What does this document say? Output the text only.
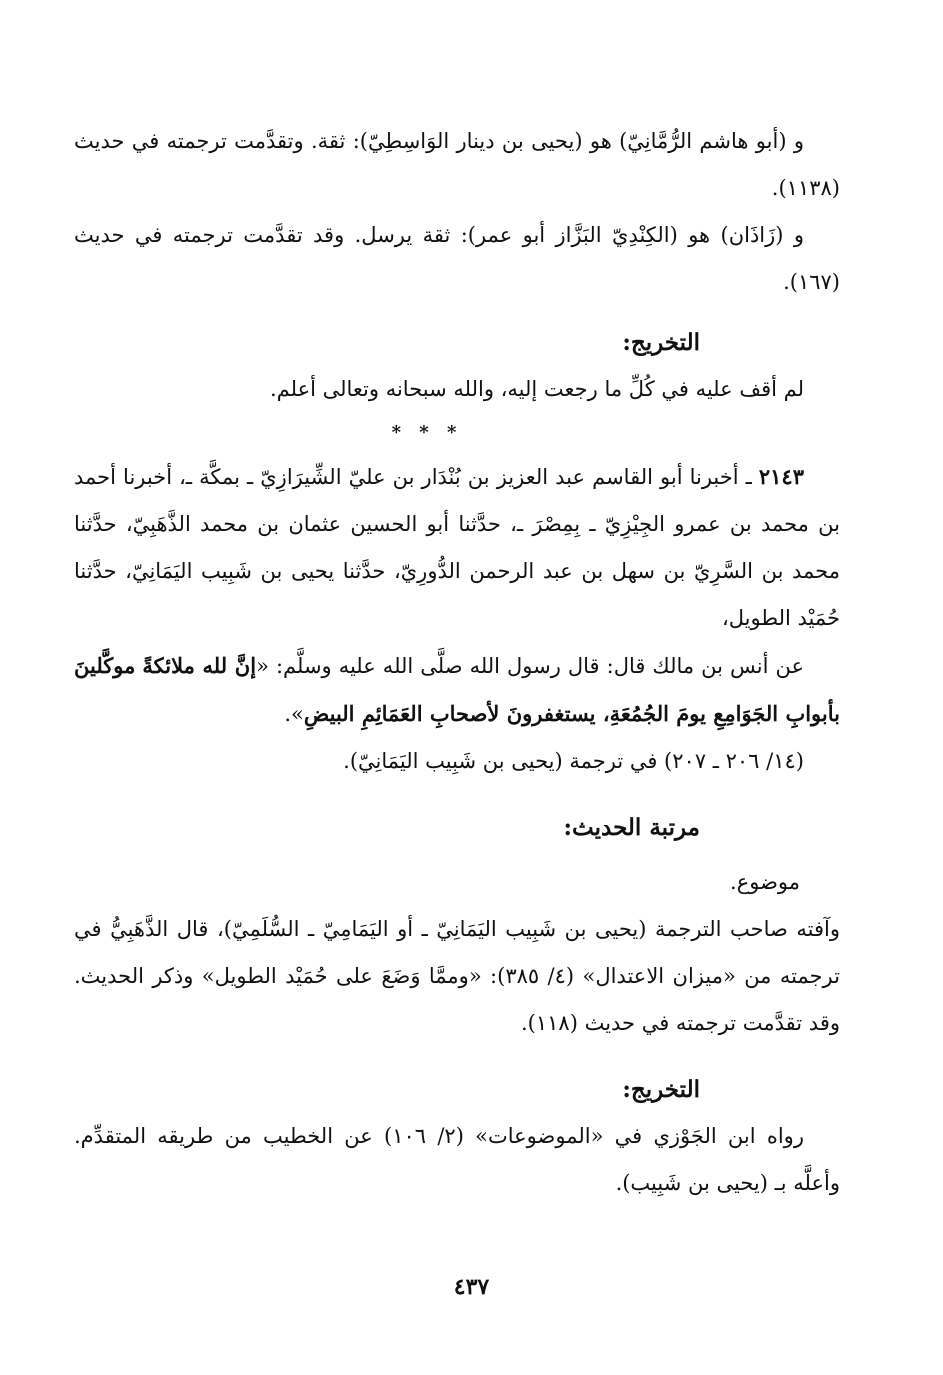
و (أبو هاشم الرُّمَّانِيّ) هو (يحيى بن دينار الوَاسِطِيّ): ثقة. وتقدَّمت ترجمته في حديث (١١٣٨).

و (زَاذَان) هو (الكِنْدِيّ البَزَّاز أبو عمر): ثقة يرسل. وقد تقدَّمت ترجمته في حديث (١٦٧).

التخريج:

لم أقف عليه في كُلِّ ما رجعت إليه، والله سبحانه وتعالى أعلم.

* * *

٢١٤٣ ـ أخبرنا أبو القاسم عبد العزيز بن بُنْدَار بن عليّ الشِّيرَازِيّ ـ بمكَّة ـ، أخبرنا أحمد بن محمد بن عمرو الجِيْزِيّ ـ بِمِصْرَ ـ، حدَّثنا أبو الحسين عثمان بن محمد الذَّهَبِيّ، حدَّثنا محمد بن السَّرِيّ بن سهل بن عبد الرحمن الدُّورِيّ، حدَّثنا يحيى بن شَبِيب اليَمَانِيّ، حدَّثنا حُمَيْد الطويل،

عن أنس بن مالك قال: قال رسول الله صلَّى الله عليه وسلَّم: «إنَّ لله ملائكةً موكَّلينَ بأبوابِ الجَوَامِعِ يومَ الجُمُعَةِ، يستغفرونَ لأصحابِ العَمَائِمِ البيضِ».

(١٤/ ٢٠٦ ـ ٢٠٧) في ترجمة (يحيى بن شَبِيب اليَمَانِيّ).

مرتبة الحديث:

موضوع.

وآفته صاحب الترجمة (يحيى بن شَبِيب اليَمَانِيّ ـ أو اليَمَامِيّ ـ السُّلَمِيّ)، قال الذَّهَبِيُّ في ترجمته من «ميزان الاعتدال» (٤/ ٣٨٥): «وممَّا وَضَعَ على حُمَيْد الطويل» وذكر الحديث. وقد تقدَّمت ترجمته في حديث (١١٨).

التخريج:

رواه ابن الجَوْزي في «الموضوعات» (٢/ ١٠٦) عن الخطيب من طريقه المتقدِّم. وأعلَّه بـ (يحيى بن شَبِيب).

٤٣٧
